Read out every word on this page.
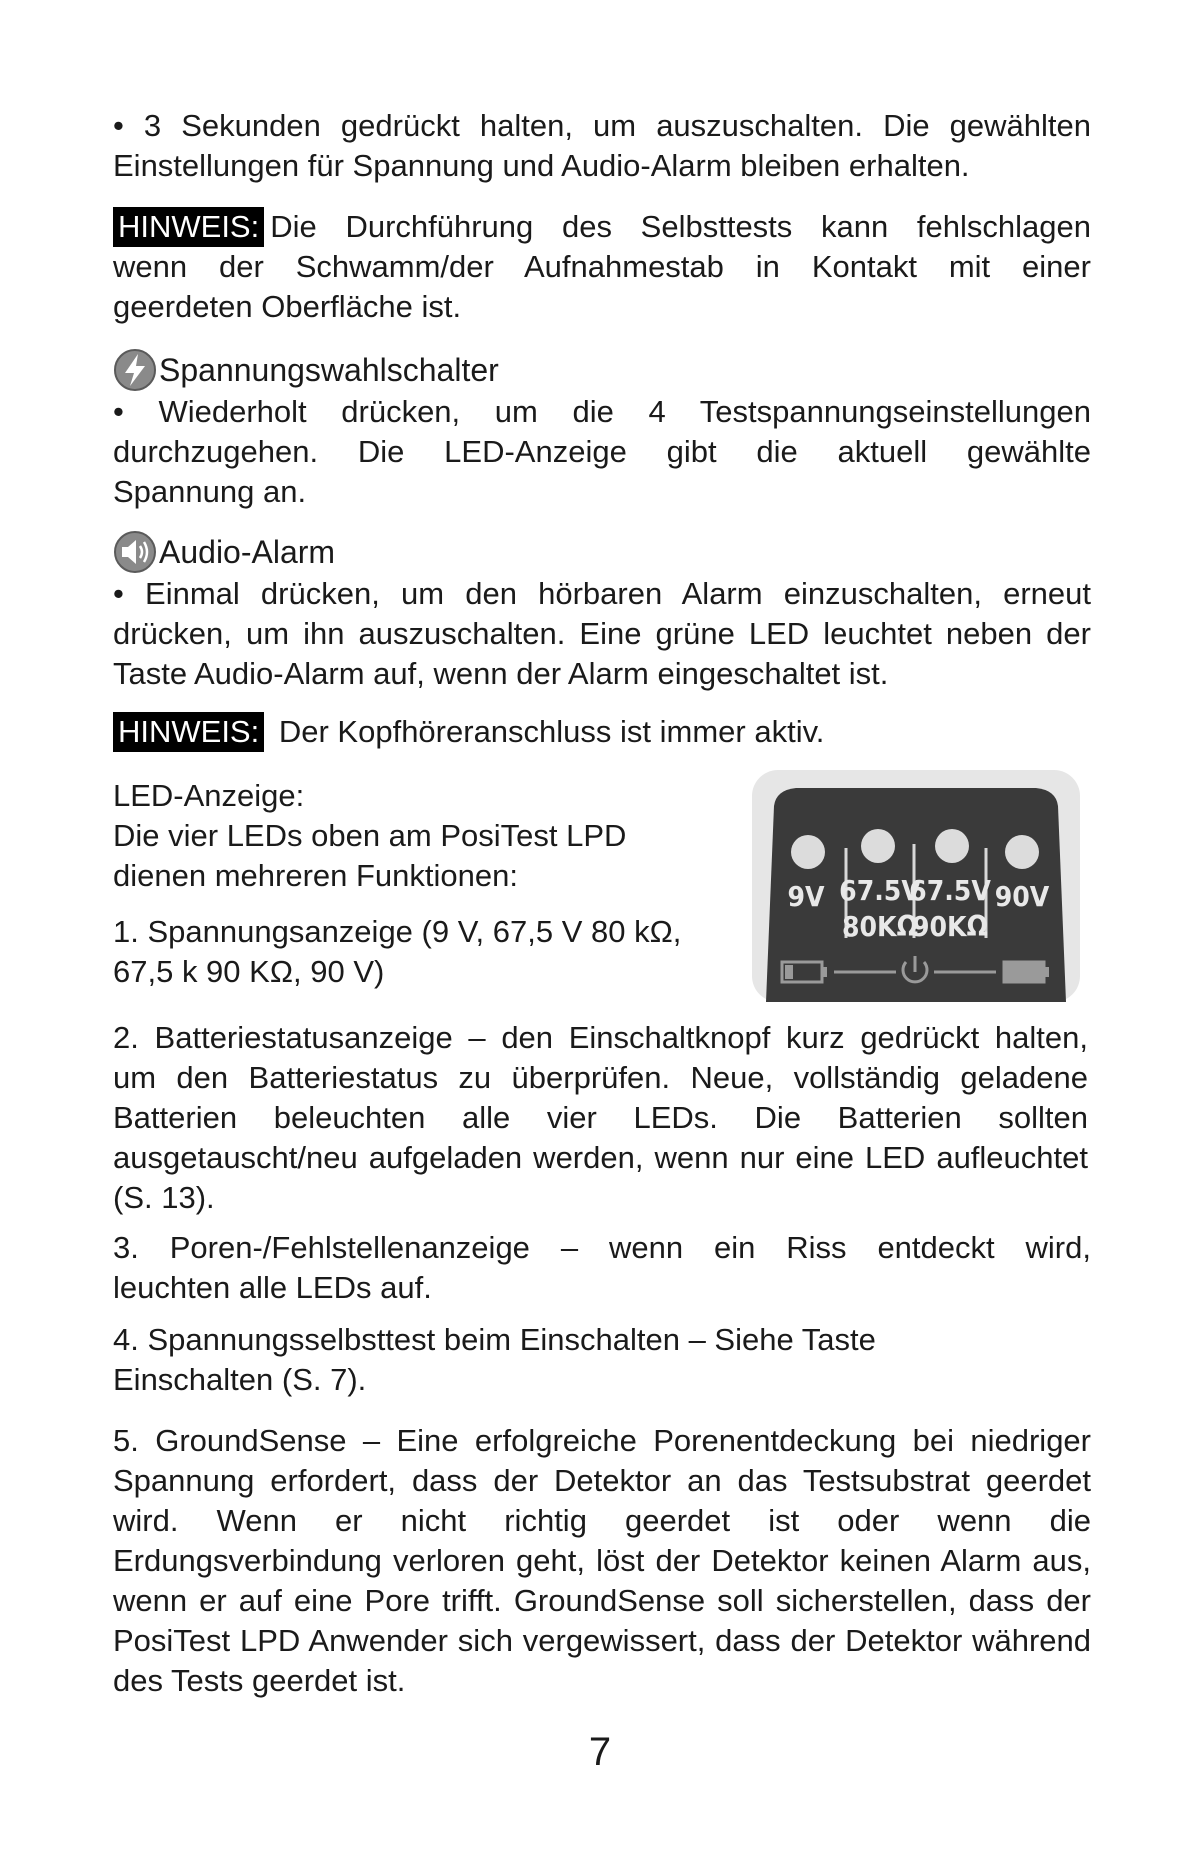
• 3 Sekunden gedrückt halten, um auszuschalten. Die gewählten

Einstellungen für Spannung und Audio-Alarm bleiben erhalten.

HINWEIS: Die Durchführung des Selbsttests kann fehlschlagen

wenn der Schwamm/der Aufnahmestab in Kontakt mit einer

geerdeten Oberfläche ist.

Spannungswahlschalter

• Wiederholt drücken, um die 4 Testspannungseinstellungen

durchzugehen. Die LED-Anzeige gibt die aktuell gewählte

Spannung an.

Audio-Alarm

• Einmal drücken, um den hörbaren Alarm einzuschalten, erneut

drücken, um ihn auszuschalten. Eine grüne LED leuchtet neben der

Taste Audio-Alarm auf, wenn der Alarm eingeschaltet ist.

HINWEIS: Der Kopfhöreranschluss ist immer aktiv.

LED-Anzeige:

Die vier LEDs oben am PosiTest LPD

dienen mehreren Funktionen:

1. Spannungsanzeige (9 V, 67,5 V 80 kΩ,

67,5 k 90 KΩ, 90 V)

9V 67.5V
67.5V 90V
80KΩ
90KΩ

2. Batteriestatusanzeige – den Einschaltknopf kurz gedrückt halten, um den Batteriestatus zu überprüfen. Neue, vollständig geladene Batterien beleuchten alle vier LEDs. Die Batterien sollten ausgetauscht/neu aufgeladen werden, wenn nur eine LED aufleuchtet (S. 13).

3. Poren-/Fehlstellenanzeige – wenn ein Riss entdeckt wird,

leuchten alle LEDs auf.

4. Spannungsselbsttest beim Einschalten – Siehe Taste Einschalten (S. 7).

5. GroundSense – Eine erfolgreiche Porenentdeckung bei niedriger Spannung erfordert, dass der Detektor an das Testsubstrat geerdet wird. Wenn er nicht richtig geerdet ist oder wenn die Erdungsverbindung verloren geht, löst der Detektor keinen Alarm aus, wenn er auf eine Pore trifft. GroundSense soll sicherstellen, dass der PosiTest LPD Anwender sich vergewissert, dass der Detektor während des Tests geerdet ist.

7
